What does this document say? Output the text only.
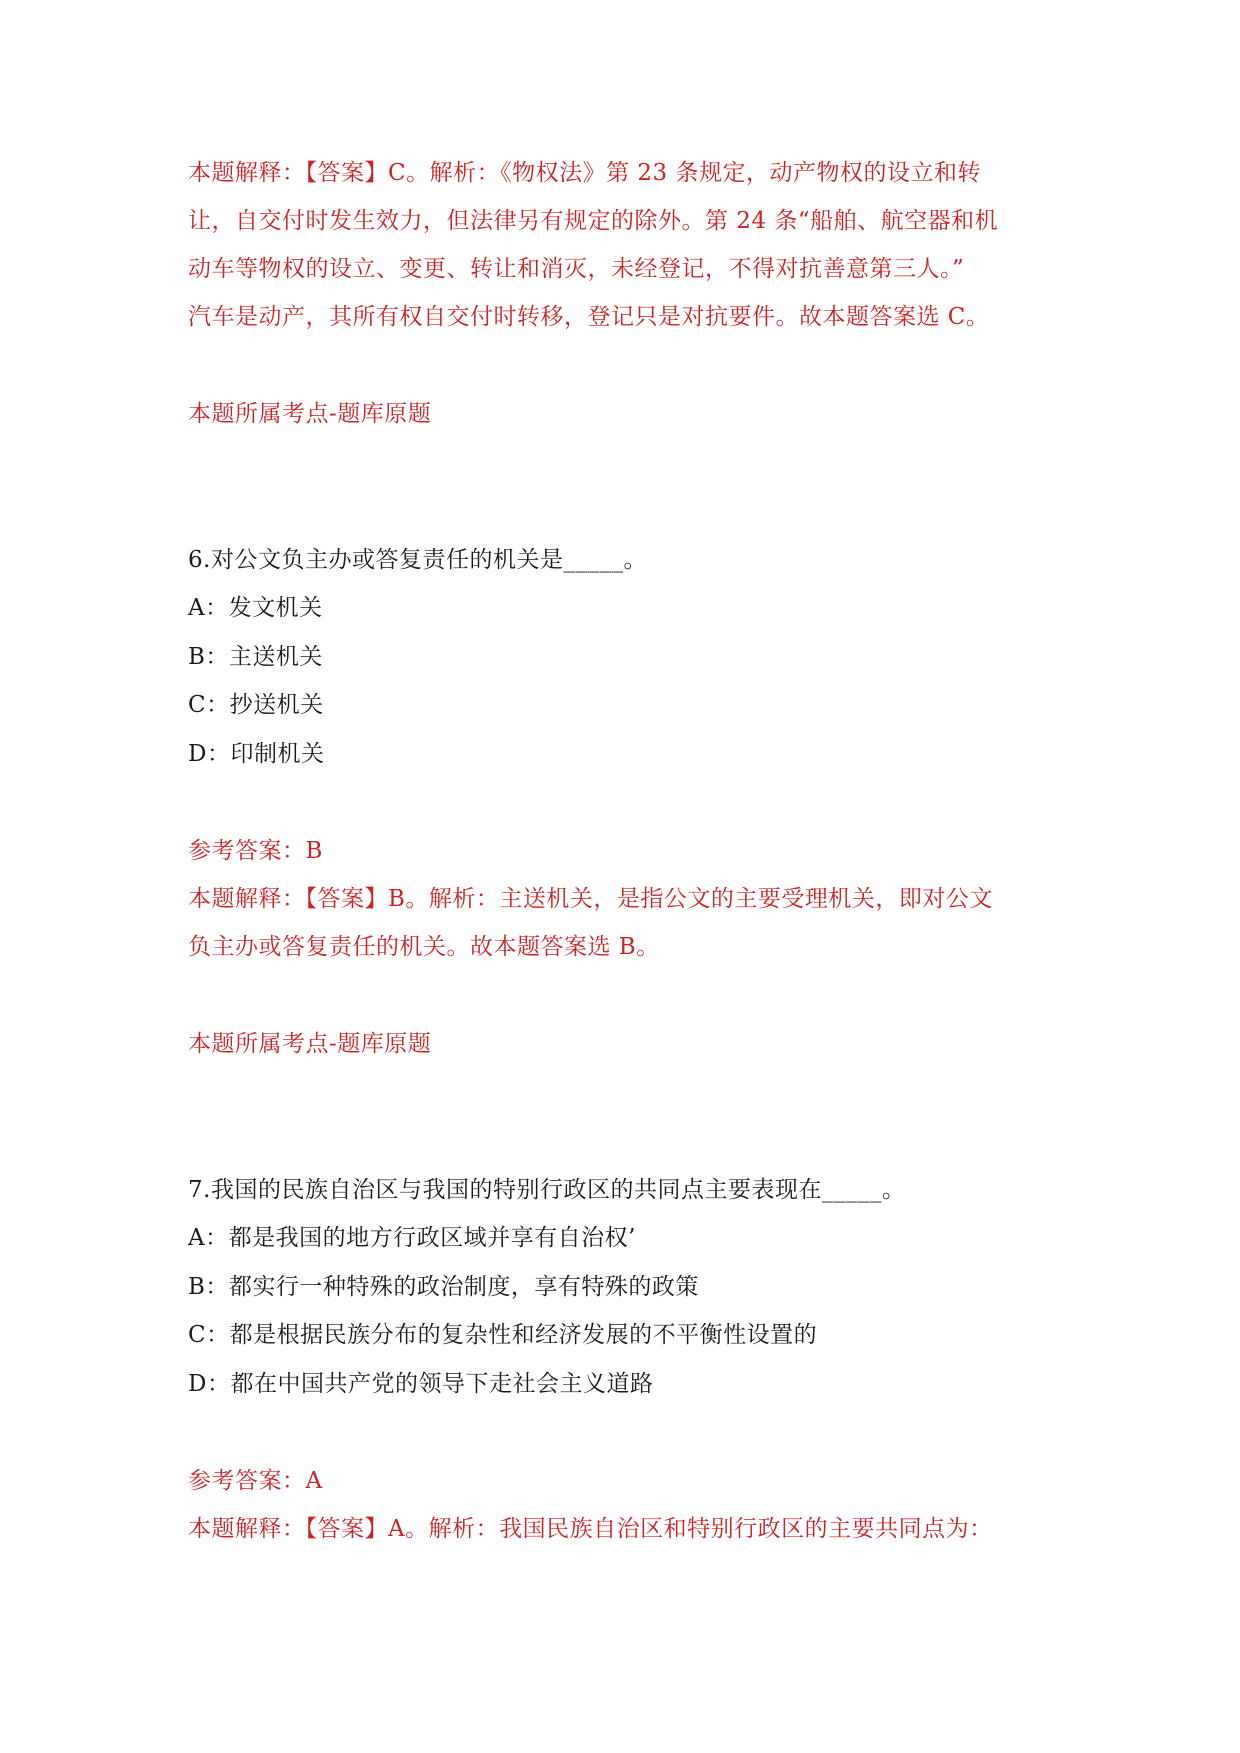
本题解释：【答案】C。解析：《物权法》第 23 条规定，动产物权的设立和转
让，自交付时发生效力，但法律另有规定的除外。第 24 条“船舶、航空器和机
动车等物权的设立、变更、转让和消灭，未经登记，不得对抗善意第三人。”
汽车是动产，其所有权自交付时转移，登记只是对抗要件。故本题答案选 C。
本题所属考点-题库原题
6.对公文负主办或答复责任的机关是_____。
A：发文机关
B：主送机关
C：抄送机关
D：印制机关
参考答案：B
本题解释：【答案】B。解析：主送机关，是指公文的主要受理机关，即对公文
负主办或答复责任的机关。故本题答案选 B。
本题所属考点-题库原题
7.我国的民族自治区与我国的特别行政区的共同点主要表现在_____。
A：都是我国的地方行政区域并享有自治权’
B：都实行一种特殊的政治制度，享有特殊的政策
C：都是根据民族分布的复杂性和经济发展的不平衡性设置的
D：都在中国共产党的领导下走社会主义道路
参考答案：A
本题解释：【答案】A。解析：我国民族自治区和特别行政区的主要共同点为：
